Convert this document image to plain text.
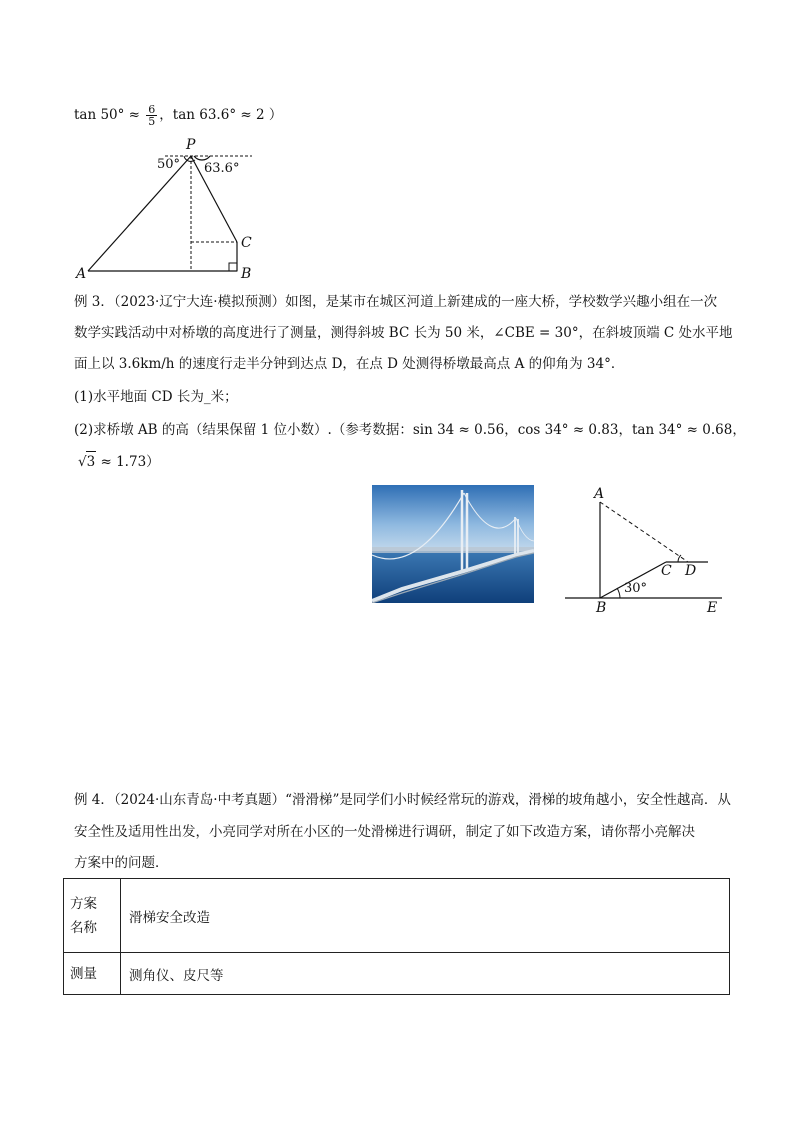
$\tan 50^\circ \approx \frac{6}{5}$ ，tan 63.6° ≈ 2 ）
P
50° 63.6°
C
A	B
例 3．（2023·辽宁大连·模拟预测）如图，是某市在城区河道上新建成的一座大桥，学校数学兴趣小组在一次
数学实践活动中对桥墩的高度进行了测量，测得斜坡 BC 长为 50 米，∠CBE = 30°，在斜坡顶端 C 处水平地
面上以 3.6km/h 的速度行走半分钟到达点 D，在点 D 处测得桥墩最高点 A 的仰角为 34°．
(1)水平地面 CD 长为_米；
(2)求桥墩 AB 的高（结果保留 1 位小数）.（参考数据：sin 34 ≈ 0.56，cos 34° ≈ 0.83，tan 34° ≈ 0.68，
√3 ≈ 1.73）
A
C D
30°
B	E
例 4．（2024·山东青岛·中考真题）“滑滑梯”是同学们小时候经常玩的游戏，滑梯的坡角越小，安全性越高．从
安全性及适用性出发，小亮同学对所在小区的一处滑梯进行调研，制定了如下改造方案，请你帮小亮解决
方案中的问题．
方案
名称	滑梯安全改造
测量	测角仪、皮尺等
